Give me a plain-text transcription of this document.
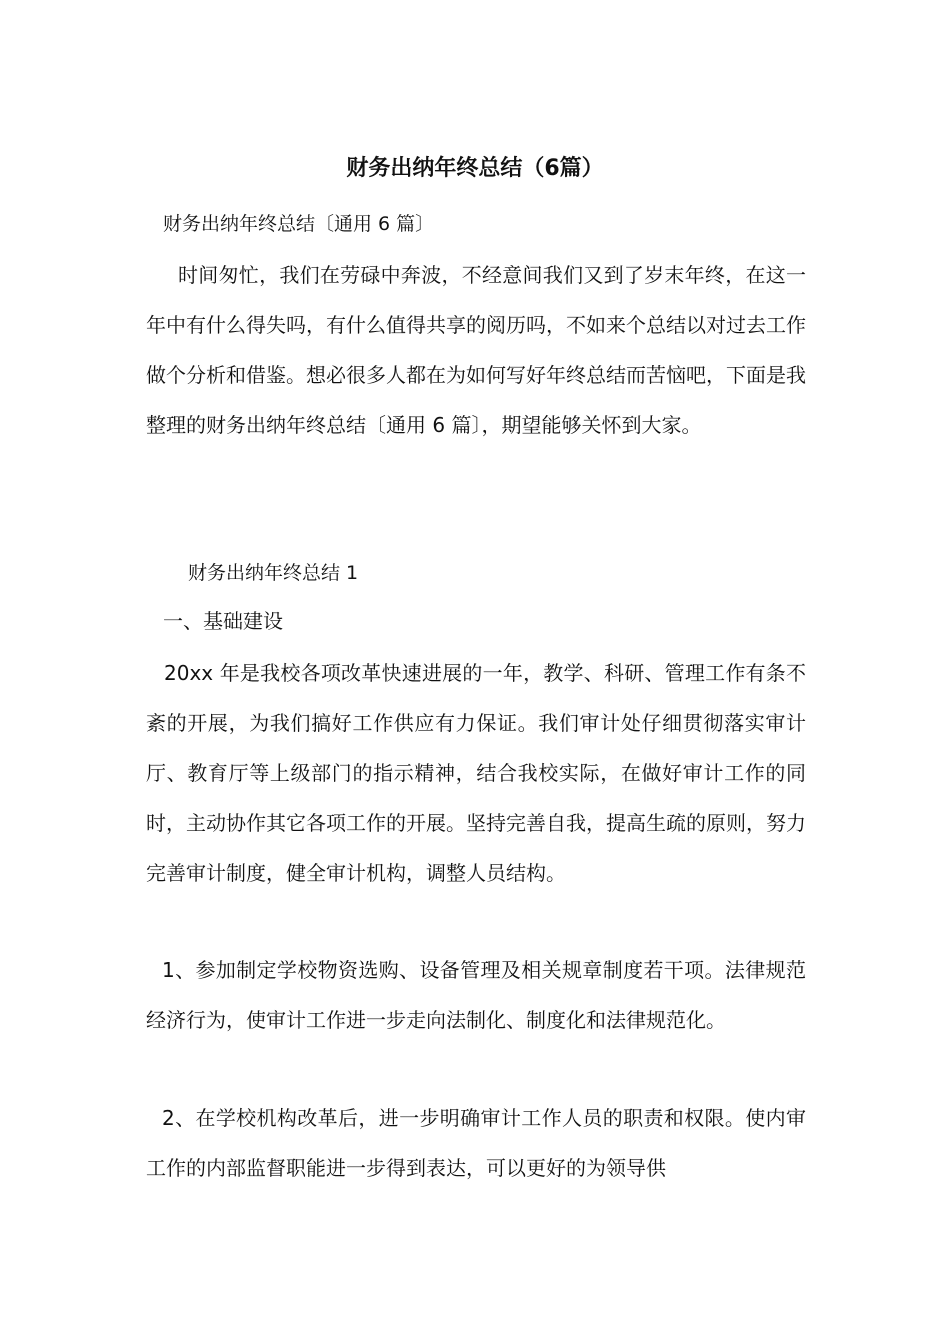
财务出纳年终总结（6篇）

财务出纳年终总结〔通用 6 篇〕

时间匆忙，我们在劳碌中奔波，不经意间我们又到了岁末年终，在这一年中有什么得失吗，有什么值得共享的阅历吗，不如来个总结以对过去工作做个分析和借鉴。想必很多人都在为如何写好年终总结而苦恼吧，下面是我整理的财务出纳年终总结〔通用 6 篇〕，期望能够关怀到大家。

财务出纳年终总结 1

一、基础建设

20xx 年是我校各项改革快速进展的一年，教学、科研、管理工作有条不紊的开展，为我们搞好工作供应有力保证。我们审计处仔细贯彻落实审计厅、教育厅等上级部门的指示精神，结合我校实际，在做好审计工作的同时，主动协作其它各项工作的开展。坚持完善自我，提高生疏的原则，努力完善审计制度，健全审计机构，调整人员结构。

1、参加制定学校物资选购、设备管理及相关规章制度若干项。法律规范经济行为，使审计工作进一步走向法制化、制度化和法律规范化。

2、在学校机构改革后，进一步明确审计工作人员的职责和权限。使内审工作的内部监督职能进一步得到表达，可以更好的为领导供
